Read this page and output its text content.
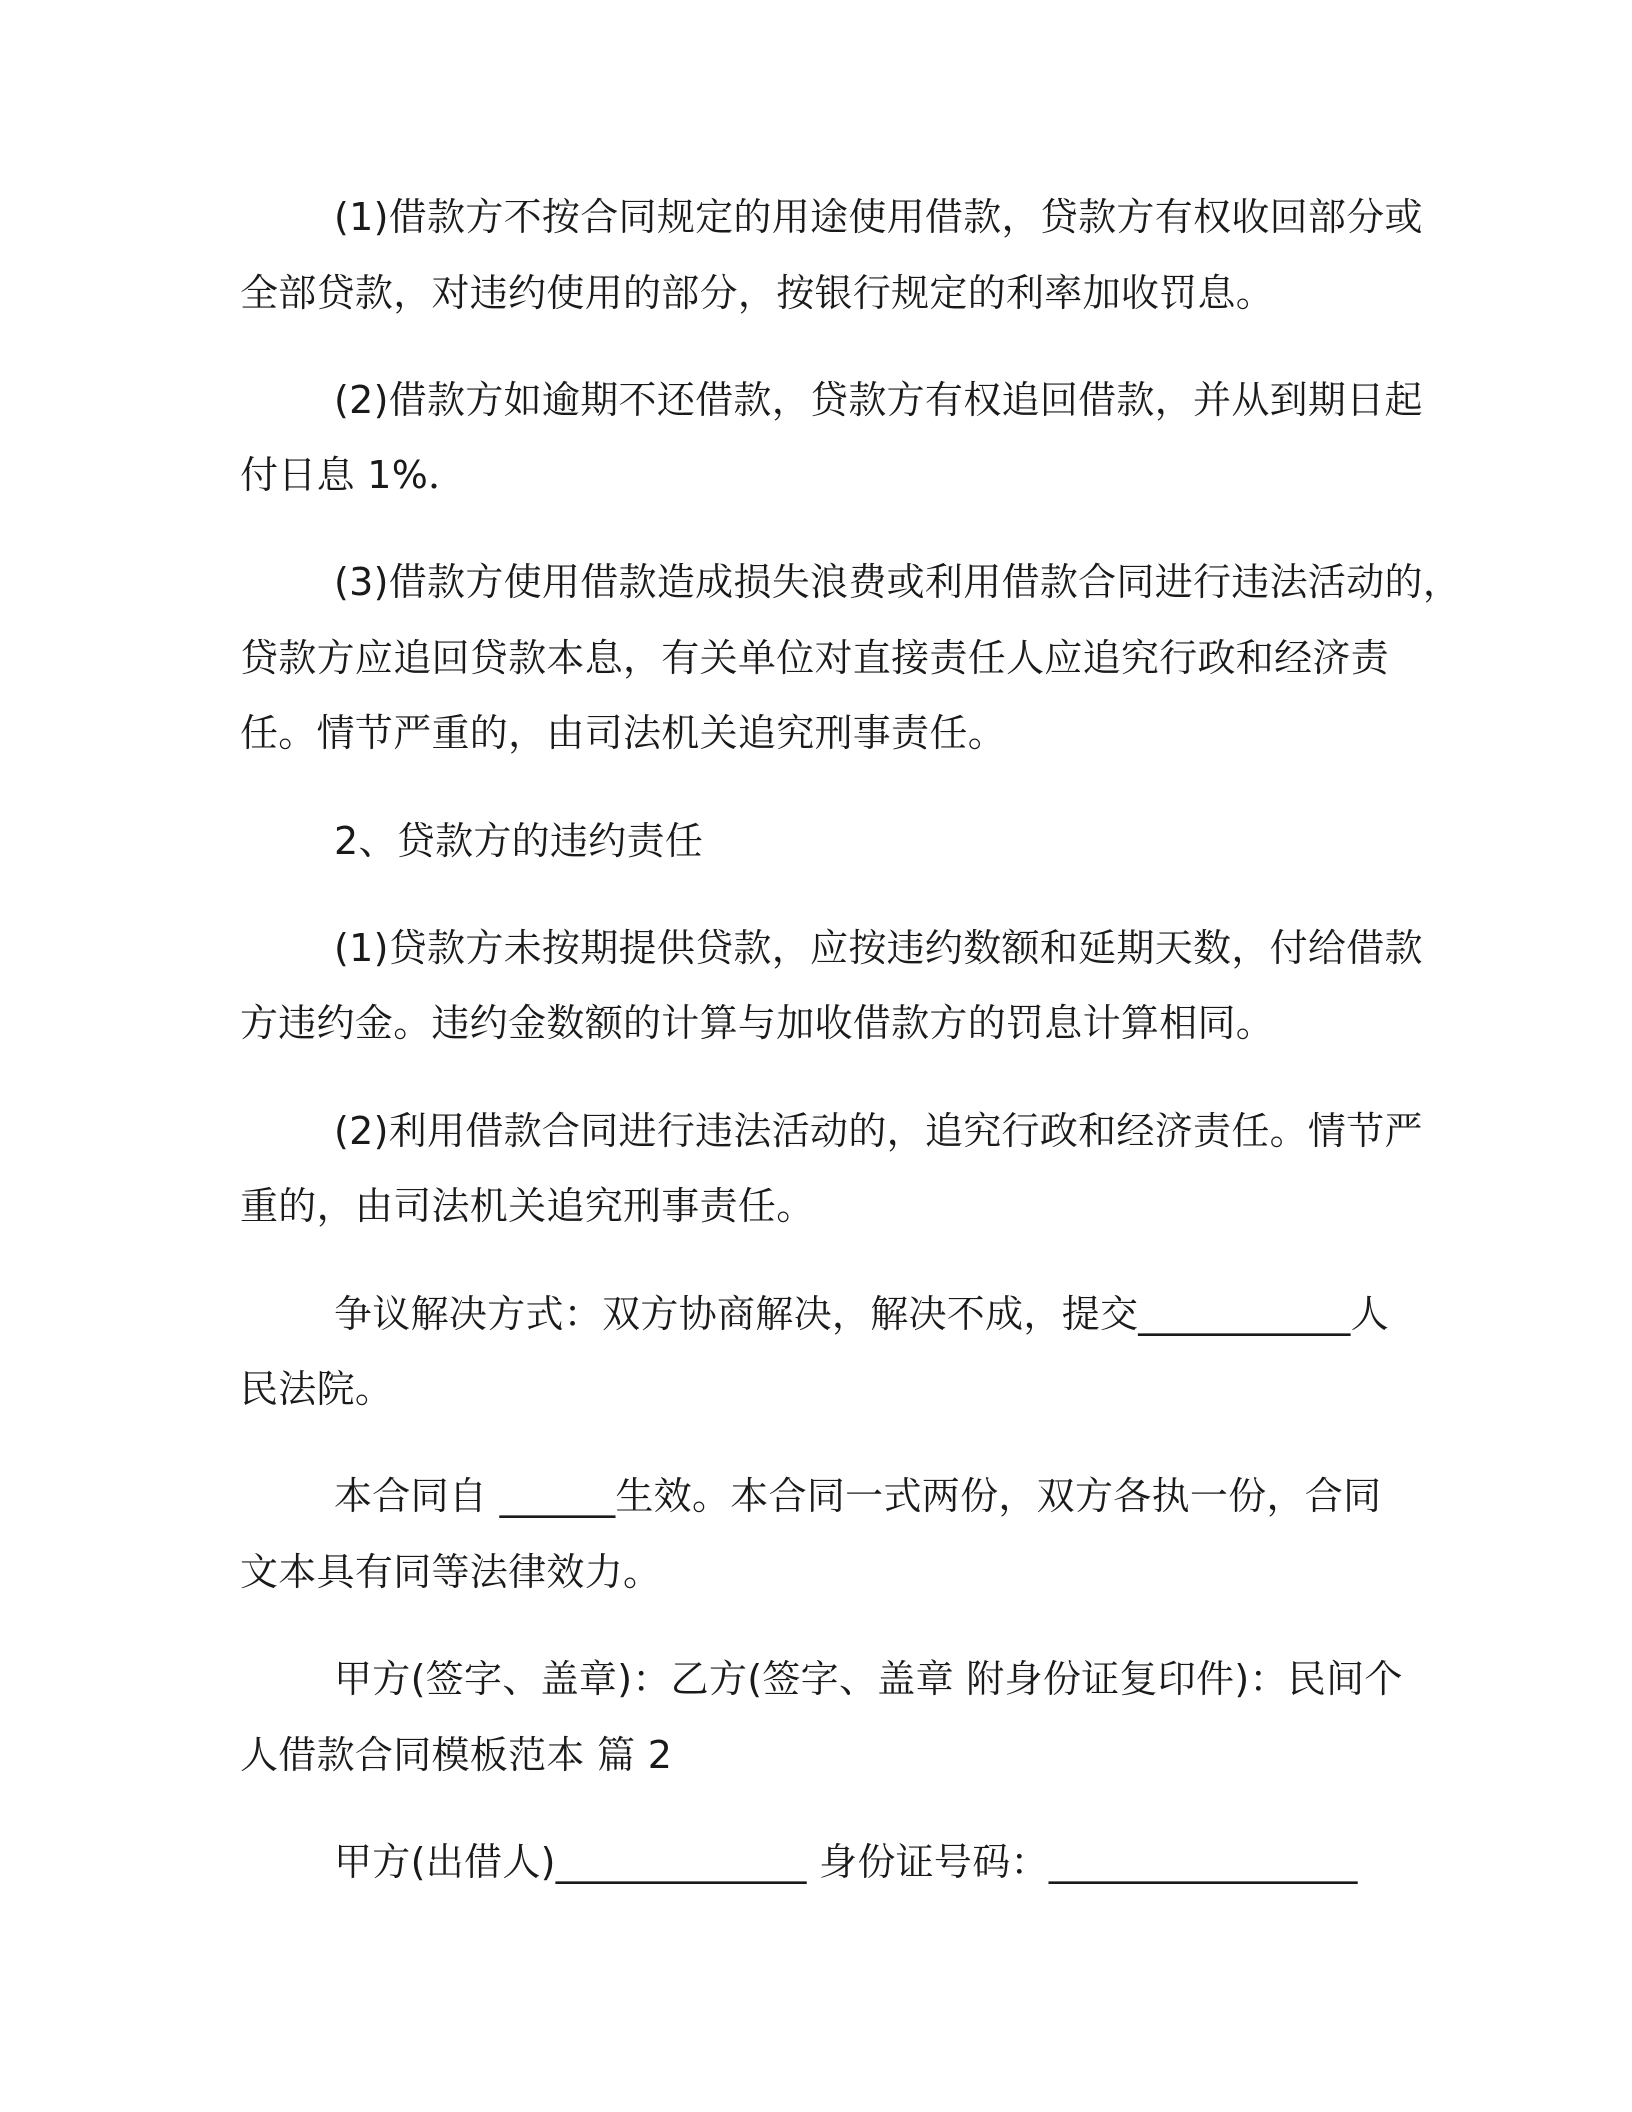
(1)借款方不按合同规定的用途使用借款，贷款方有权收回部分或
全部贷款，对违约使用的部分，按银行规定的利率加收罚息。
(2)借款方如逾期不还借款，贷款方有权追回借款，并从到期日起
付日息 1%．
(3)借款方使用借款造成损失浪费或利用借款合同进行违法活动的，
贷款方应追回贷款本息，有关单位对直接责任人应追究行政和经济责
任。情节严重的，由司法机关追究刑事责任。
2、贷款方的违约责任
(1)贷款方未按期提供贷款，应按违约数额和延期天数，付给借款
方违约金。违约金数额的计算与加收借款方的罚息计算相同。
(2)利用借款合同进行违法活动的，追究行政和经济责任。情节严
重的，由司法机关追究刑事责任。
争议解决方式：双方协商解决，解决不成，提交___________人
民法院。
本合同自 ______生效。本合同一式两份，双方各执一份，合同
文本具有同等法律效力。
甲方(签字、盖章)：乙方(签字、盖章 附身份证复印件)：民间个
人借款合同模板范本 篇 2
甲方(出借人)_____________ 身份证号码：________________
